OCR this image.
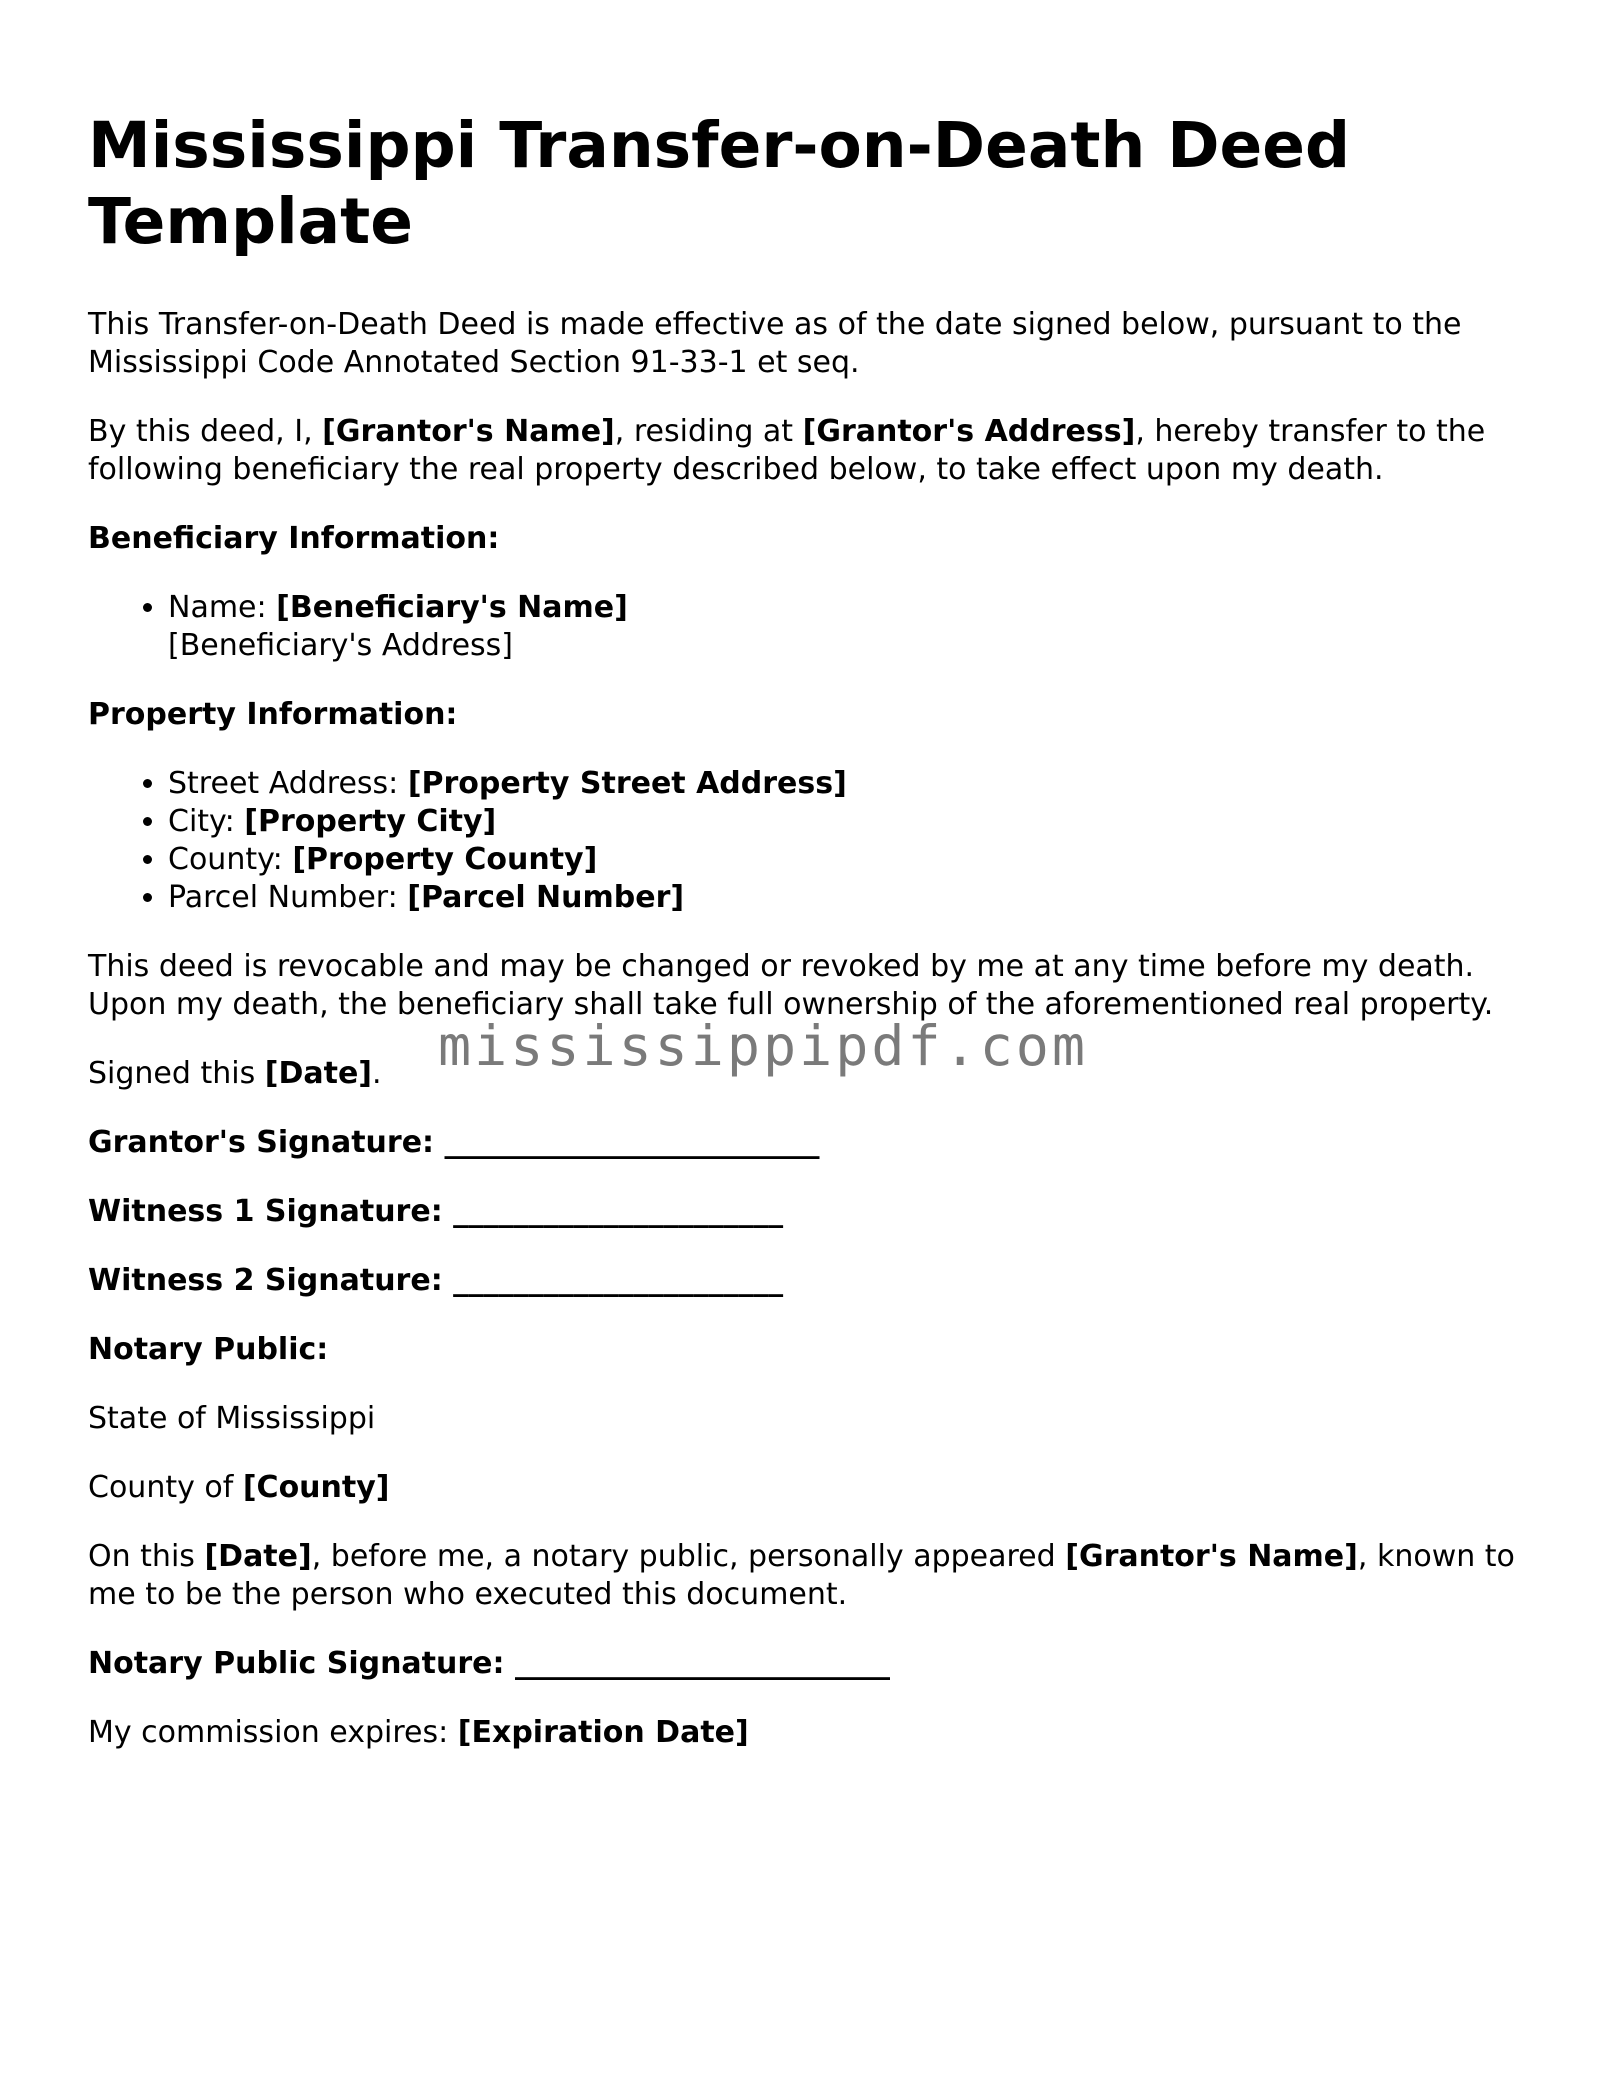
Mississippi Transfer-on-Death Deed Template

This Transfer-on-Death Deed is made effective as of the date signed below, pursuant to the Mississippi Code Annotated Section 91-33-1 et seq.

By this deed, I, [Grantor's Name], residing at [Grantor's Address], hereby transfer to the following beneficiary the real property described below, to take effect upon my death.

Beneficiary Information:

• Name: [Beneficiary's Name]
[Beneficiary's Address]

Property Information:

• Street Address: [Property Street Address]
• City: [Property City]
• County: [Property County]
• Parcel Number: [Parcel Number]

This deed is revocable and may be changed or revoked by me at any time before my death. Upon my death, the beneficiary shall take full ownership of the aforementioned real property.

Signed this [Date].

Grantor's Signature: _________________________

Witness 1 Signature: ______________________

Witness 2 Signature: ______________________

Notary Public:

State of Mississippi

County of [County]

On this [Date], before me, a notary public, personally appeared [Grantor's Name], known to me to be the person who executed this document.

Notary Public Signature: _________________________

My commission expires: [Expiration Date]

mississippipdf.com
